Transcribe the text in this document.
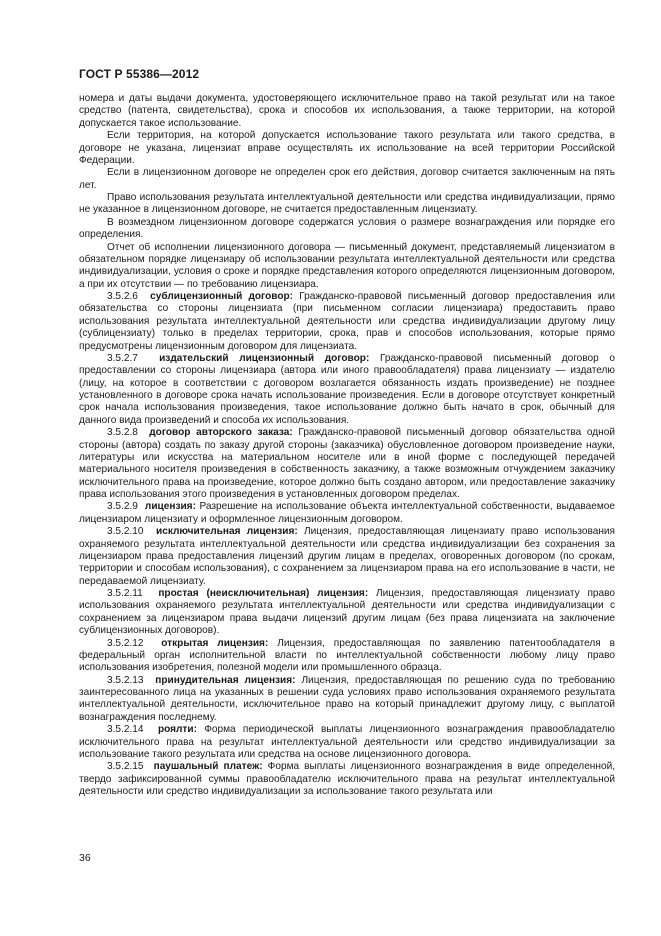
ГОСТ Р 55386—2012

номера и даты выдачи документа, удостоверяющего исключительное право на такой результат или на такое средство (патента, свидетельства), срока и способов их использования, а также территории, на которой допускается такое использование.

Если территория, на которой допускается использование такого результата или такого средства, в договоре не указана, лицензиат вправе осуществлять их использование на всей территории Российской Федерации.

Если в лицензионном договоре не определен срок его действия, договор считается заключенным на пять лет.

Право использования результата интеллектуальной деятельности или средства индивидуализации, прямо не указанное в лицензионном договоре, не считается предоставленным лицензиату.

В возмездном лицензионном договоре содержатся условия о размере вознаграждения или порядке его определения.

Отчет об исполнении лицензионного договора — письменный документ, представляемый лицензиатом в обязательном порядке лицензиару об использовании результата интеллектуальной деятельности или средства индивидуализации, условия о сроке и порядке представления которого определяются лицензионным договором, а при их отсутствии — по требованию лицензиара.

3.5.2.6 сублицензионный договор: Гражданско-правовой письменный договор предоставления или обязательства со стороны лицензиата (при письменном согласии лицензиара) предоставить право использования результата интеллектуальной деятельности или средства индивидуализации другому лицу (сублицензиату) только в пределах территории, срока, прав и способов использования, которые прямо предусмотрены лицензионным договором для лицензиата.

3.5.2.7 издательский лицензионный договор: Гражданско-правовой письменный договор о предоставлении со стороны лицензиара (автора или иного правообладателя) права лицензиату — издателю (лицу, на которое в соответствии с договором возлагается обязанность издать произведение) не позднее установленного в договоре срока начать использование произведения. Если в договоре отсутствует конкретный срок начала использования произведения, такое использование должно быть начато в срок, обычный для данного вида произведений и способа их использования.

3.5.2.8 договор авторского заказа: Гражданско-правовой письменный договор обязательства одной стороны (автора) создать по заказу другой стороны (заказчика) обусловленное договором произведение науки, литературы или искусства на материальном носителе или в иной форме с последующей передачей материального носителя произведения в собственность заказчику, а также возможным отчуждением заказчику исключительного права на произведение, которое должно быть создано автором, или предоставление заказчику права использования этого произведения в установленных договором пределах.

3.5.2.9 лицензия: Разрешение на использование объекта интеллектуальной собственности, выдаваемое лицензиаром лицензиату и оформленное лицензионным договором.

3.5.2.10 исключительная лицензия: Лицензия, предоставляющая лицензиату право использования охраняемого результата интеллектуальной деятельности или средства индивидуализации без сохранения за лицензиаром права предоставления лицензий другим лицам в пределах, оговоренных договором (по срокам, территории и способам использования), с сохранением за лицензиаром права на его использование в части, не передаваемой лицензиату.

3.5.2.11 простая (неисключительная) лицензия: Лицензия, предоставляющая лицензиату право использования охраняемого результата интеллектуальной деятельности или средства индивидуализации с сохранением за лицензиаром права выдачи лицензий другим лицам (без права лицензиата на заключение сублицензионных договоров).

3.5.2.12 открытая лицензия: Лицензия, предоставляющая по заявлению патентообладателя в федеральный орган исполнительной власти по интеллектуальной собственности любому лицу право использования изобретения, полезной модели или промышленного образца.

3.5.2.13 принудительная лицензия: Лицензия, предоставляющая по решению суда по требованию заинтересованного лица на указанных в решении суда условиях право использования охраняемого результата интеллектуальной деятельности, исключительное право на который принадлежит другому лицу, с выплатой вознаграждения последнему.

3.5.2.14 роялти: Форма периодической выплаты лицензионного вознаграждения правообладателю исключительного права на результат интеллектуальной деятельности или средство индивидуализации за использование такого результата или средства на основе лицензионного договора.

3.5.2.15 паушальный платеж: Форма выплаты лицензионного вознаграждения в виде определенной, твердо зафиксированной суммы правообладателю исключительного права на результат интеллектуальной деятельности или средство индивидуализации за использование такого результата или

36
